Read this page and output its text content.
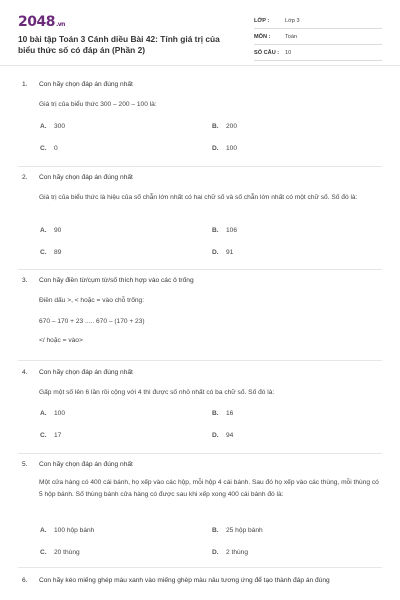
2048.vn
10 bài tập Toán 3 Cánh diều Bài 42: Tính giá trị của biểu thức số có đáp án (Phần 2)
LỚP :	Lớp 3
MÔN :	Toán
SỐ CÂU :	10
1. Con hãy chọn đáp án đúng nhất
Giá trị của biểu thức 300 – 200 – 100 là:
A. 300	B. 200
C. 0	D. 100
2. Con hãy chọn đáp án đúng nhất
Giá trị của biểu thức là hiệu của số chẵn lớn nhất có hai chữ số và số chẵn lớn nhất có một chữ số. Số đó là:
A. 90	B. 106
C. 89	D. 91
3. Con hãy điền từ/cụm từ/số thích hợp vào các ô trống
Điền dấu >, < hoặc = vào chỗ trống:
670 – 170 + 23 ..... 670 – (170 + 23)
</ hoặc = vào>
4. Con hãy chọn đáp án đúng nhất
Gấp một số lên 6 lần rồi cộng với 4 thì được số nhỏ nhất có ba chữ số. Số đó là:
A. 100	B. 16
C. 17	D. 94
5. Con hãy chọn đáp án đúng nhất
Một cửa hàng có 400 cái bánh, họ xếp vào các hộp, mỗi hộp 4 cái bánh. Sau đó họ xếp vào các thùng, mỗi thùng có 5 hộp bánh. Số thùng bánh cửa hàng có được sau khi xếp xong 400 cái bánh đó là:
A. 100 hộp bánh	B. 25 hộp bánh
C. 20 thùng	D. 2 thùng
6. Con hãy kéo miếng ghép màu xanh vào miếng ghép màu nâu tương ứng để tạo thành đáp án đúng
